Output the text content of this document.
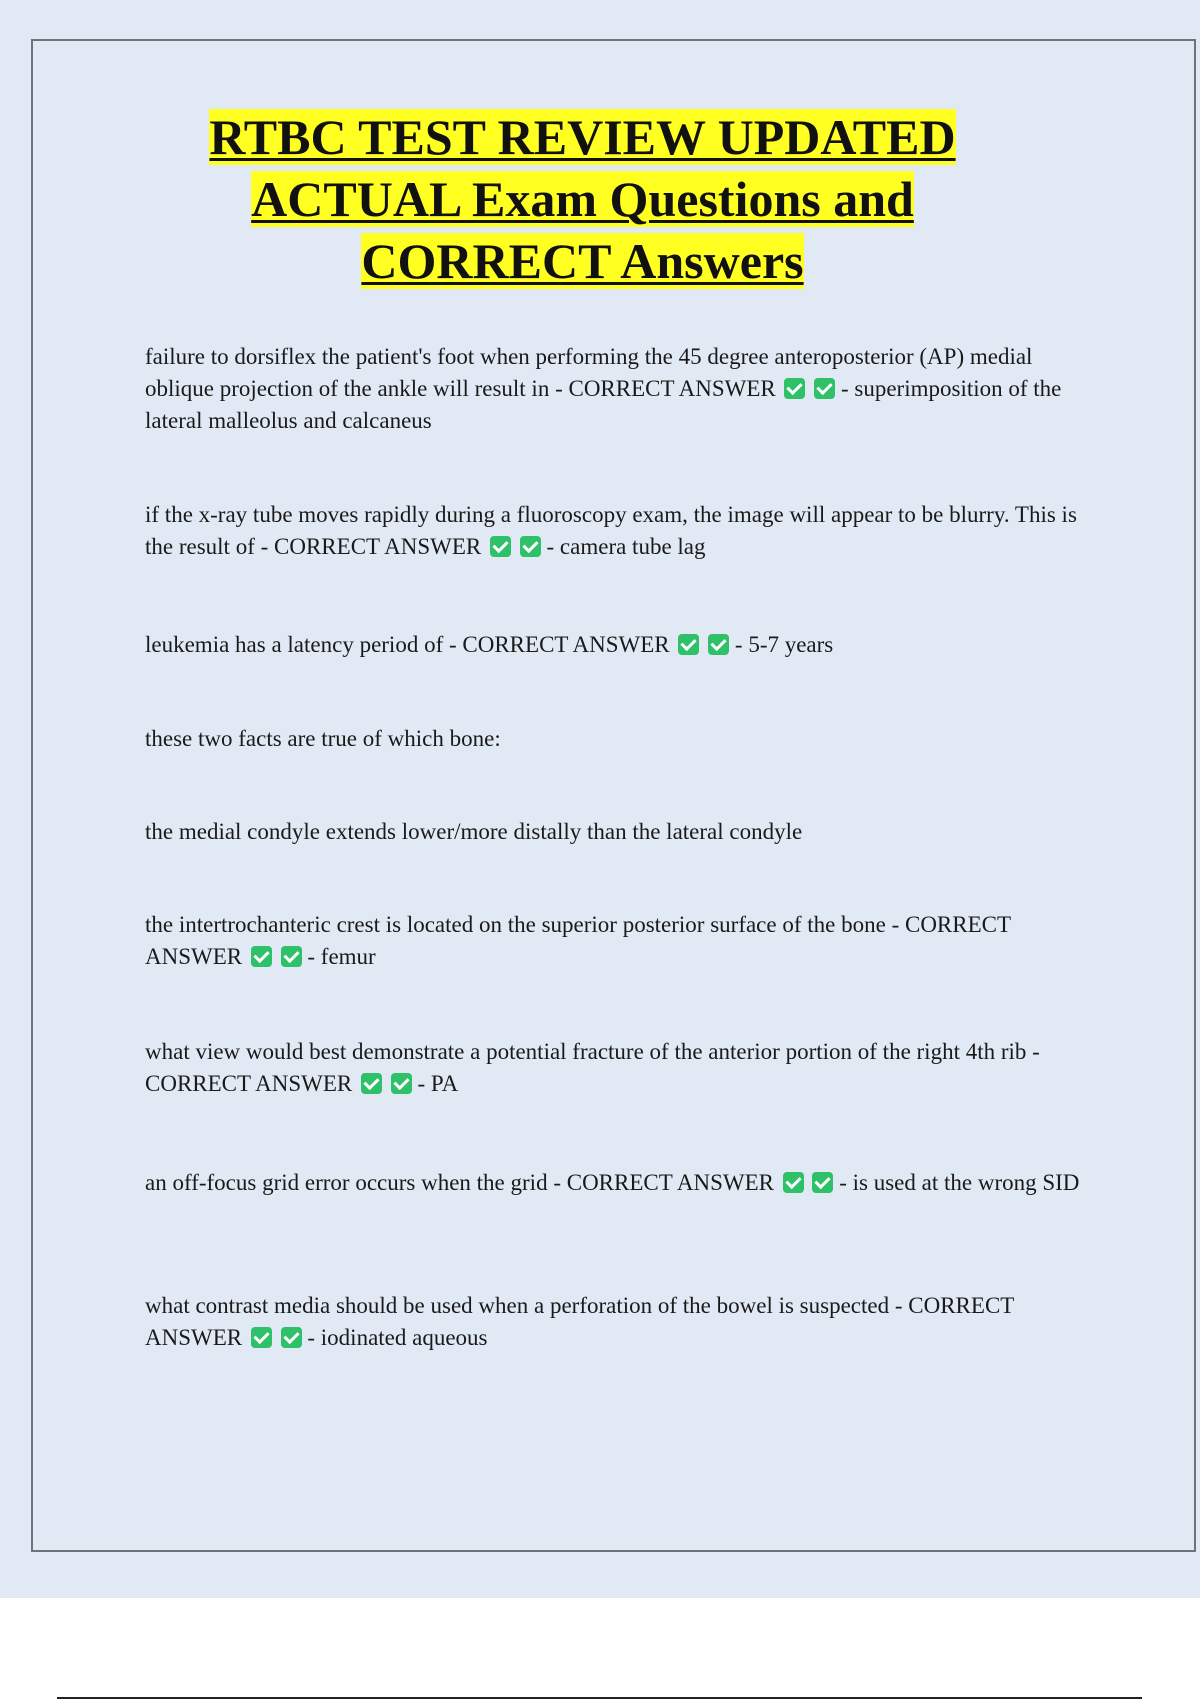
RTBC TEST REVIEW UPDATED ACTUAL Exam Questions and CORRECT Answers

failure to dorsiflex the patient's foot when performing the 45 degree anteroposterior (AP) medial oblique projection of the ankle will result in - CORRECT ANSWER	- superimposition of the lateral malleolus and calcaneus

if the x-ray tube moves rapidly during a fluoroscopy exam, the image will appear to be blurry. This is the result of - CORRECT ANSWER	- camera tube lag

leukemia has a latency period of - CORRECT ANSWER	- 5-7 years

these two facts are true of which bone:

the medial condyle extends lower/more distally than the lateral condyle

the intertrochanteric crest is located on the superior posterior surface of the bone - CORRECT ANSWER	- femur

what view would best demonstrate a potential fracture of the anterior portion of the right 4th rib - CORRECT ANSWER	- PA

an off-focus grid error occurs when the grid - CORRECT ANSWER	- is used at the wrong SID

what contrast media should be used when a perforation of the bowel is suspected - CORRECT ANSWER	- iodinated aqueous
